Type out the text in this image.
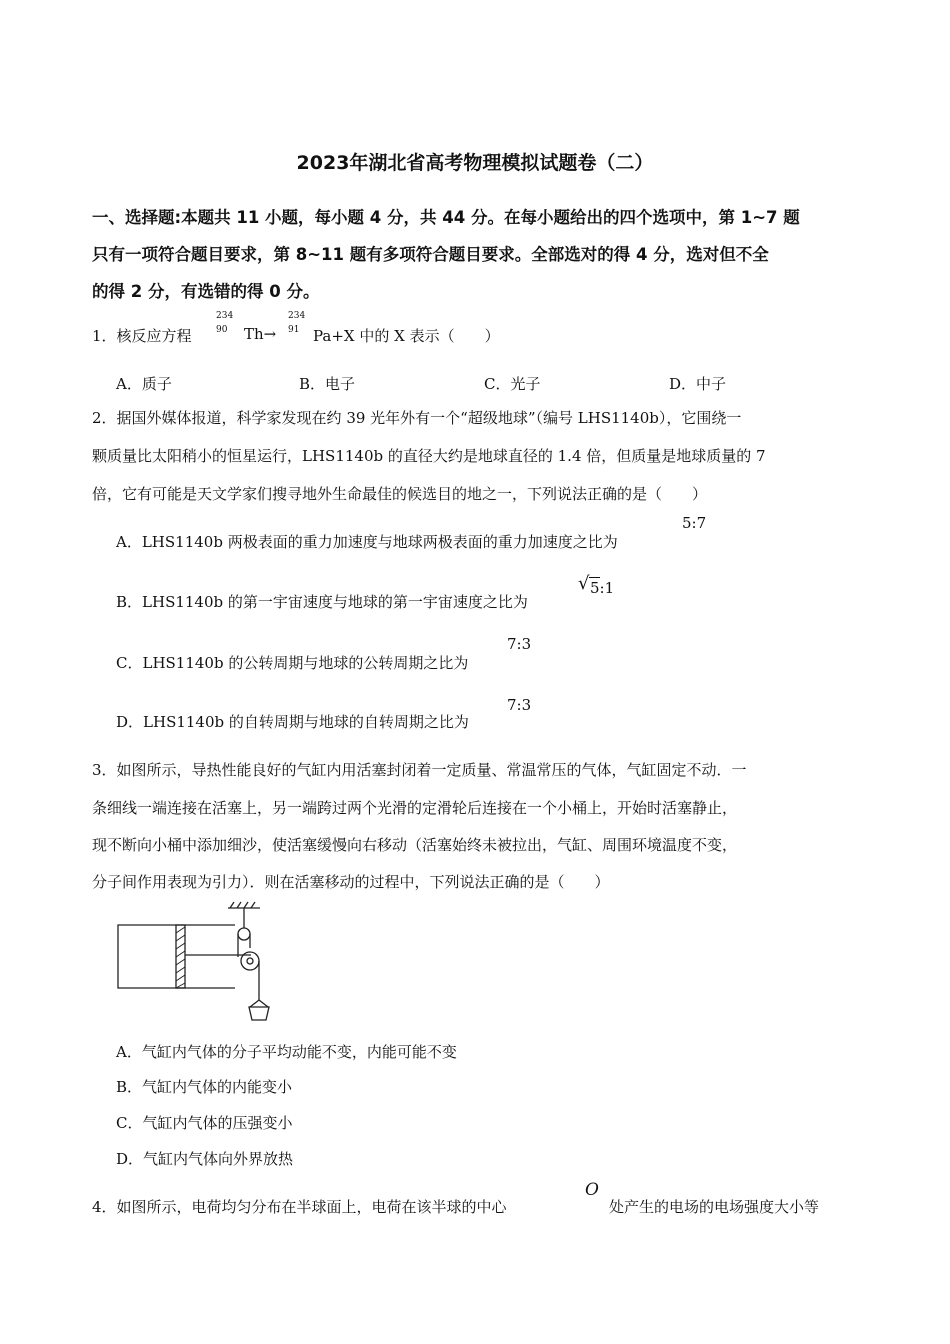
2023年湖北省高考物理模拟试题卷（二）
一、选择题:本题共 11 小题，每小题 4 分，共 44 分。在每小题给出的四个选项中，第 1~7 题
只有一项符合题目要求，第 8~11 题有多项符合题目要求。全部选对的得 4 分，选对但不全
的得 2 分，有选错的得 0 分。
1．核反应方程
234
90 Th→
234
91 Pa+X 中的 X 表示（　　）
A．质子	B．电子	C．光子	D．中子
2．据国外媒体报道，科学家发现在约 39 光年外有一个“超级地球”（编号 LHS1140b），它围绕一
颗质量比太阳稍小的恒星运行，LHS1140b 的直径大约是地球直径的 1.4 倍，但质量是地球质量的 7
倍，它有可能是天文学家们搜寻地外生命最佳的候选目的地之一，下列说法正确的是（　　）
A．LHS1140b 两极表面的重力加速度与地球两极表面的重力加速度之比为
5:7
B．LHS1140b 的第一宇宙速度与地球的第一宇宙速度之比为
√ 5:1
C．LHS1140b 的公转周期与地球的公转周期之比为
7:3
D．LHS1140b 的自转周期与地球的自转周期之比为
7:3
3．如图所示，导热性能良好的气缸内用活塞封闭着一定质量、常温常压的气体，气缸固定不动．一
条细线一端连接在活塞上，另一端跨过两个光滑的定滑轮后连接在一个小桶上，开始时活塞静止，
现不断向小桶中添加细沙，使活塞缓慢向右移动（活塞始终未被拉出，气缸、周围环境温度不变，
分子间作用表现为引力）．则在活塞移动的过程中，下列说法正确的是（　　）
A．气缸内气体的分子平均动能不变，内能可能不变
B．气缸内气体的内能变小
C．气缸内气体的压强变小
D．气缸内气体向外界放热
4．如图所示，电荷均匀分布在半球面上，电荷在该半球的中心
O
处产生的电场的电场强度大小等
